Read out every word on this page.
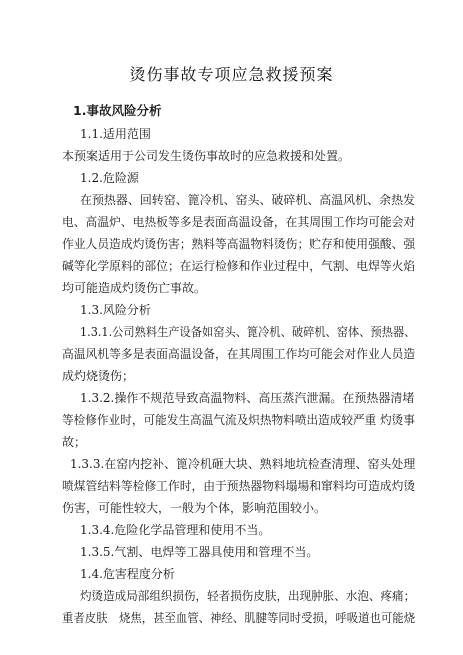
烫伤事故专项应急救援预案
1.事故风险分析
1.1.适用范围
本预案适用于公司发生烫伤事故时的应急救援和处置。
1.2.危险源
在预热器、回转窑、篦冷机、窑头、破碎机、高温风机、余热发
电、高温炉、电热板等多是表面高温设备，在其周围工作均可能会对
作业人员造成灼烫伤害；熟料等高温物料烫伤；贮存和使用强酸、强
碱等化学原料的部位；在运行检修和作业过程中，气割、电焊等火焰
均可能造成灼烫伤亡事故。
1.3.风险分析
1.3.1.公司熟料生产设备如窑头、篦冷机、破碎机、窑体、预热器、
高温风机等多是表面高温设备，在其周围工作均可能会对作业人员造
成灼烧烫伤；
1.3.2.操作不规范导致高温物料、高压蒸汽泄漏。在预热器清堵
等检修作业时，可能发生高温气流及炽热物料喷出造成较严重 灼烫事
故；
1.3.3.在窑内挖补、篦冷机砸大块、熟料地坑检查清理、窑头处理
喷煤管结料等检修工作时，由于预热器物料塌場和窜料均可造成灼烫
伤害，可能性较大，一般为个体，影响范围较小。
1.3.4.危险化学品管理和使用不当。
1.3.5.气割、电焊等工器具使用和管理不当。
1.4.危害程度分析
灼烫造成局部组织损伤，轻者损伤皮肤，出现肿胀、水泡、疼痛；
重者皮肤　烧焦，甚至血管、神经、肌腱等同时受损，呼吸道也可能烧
